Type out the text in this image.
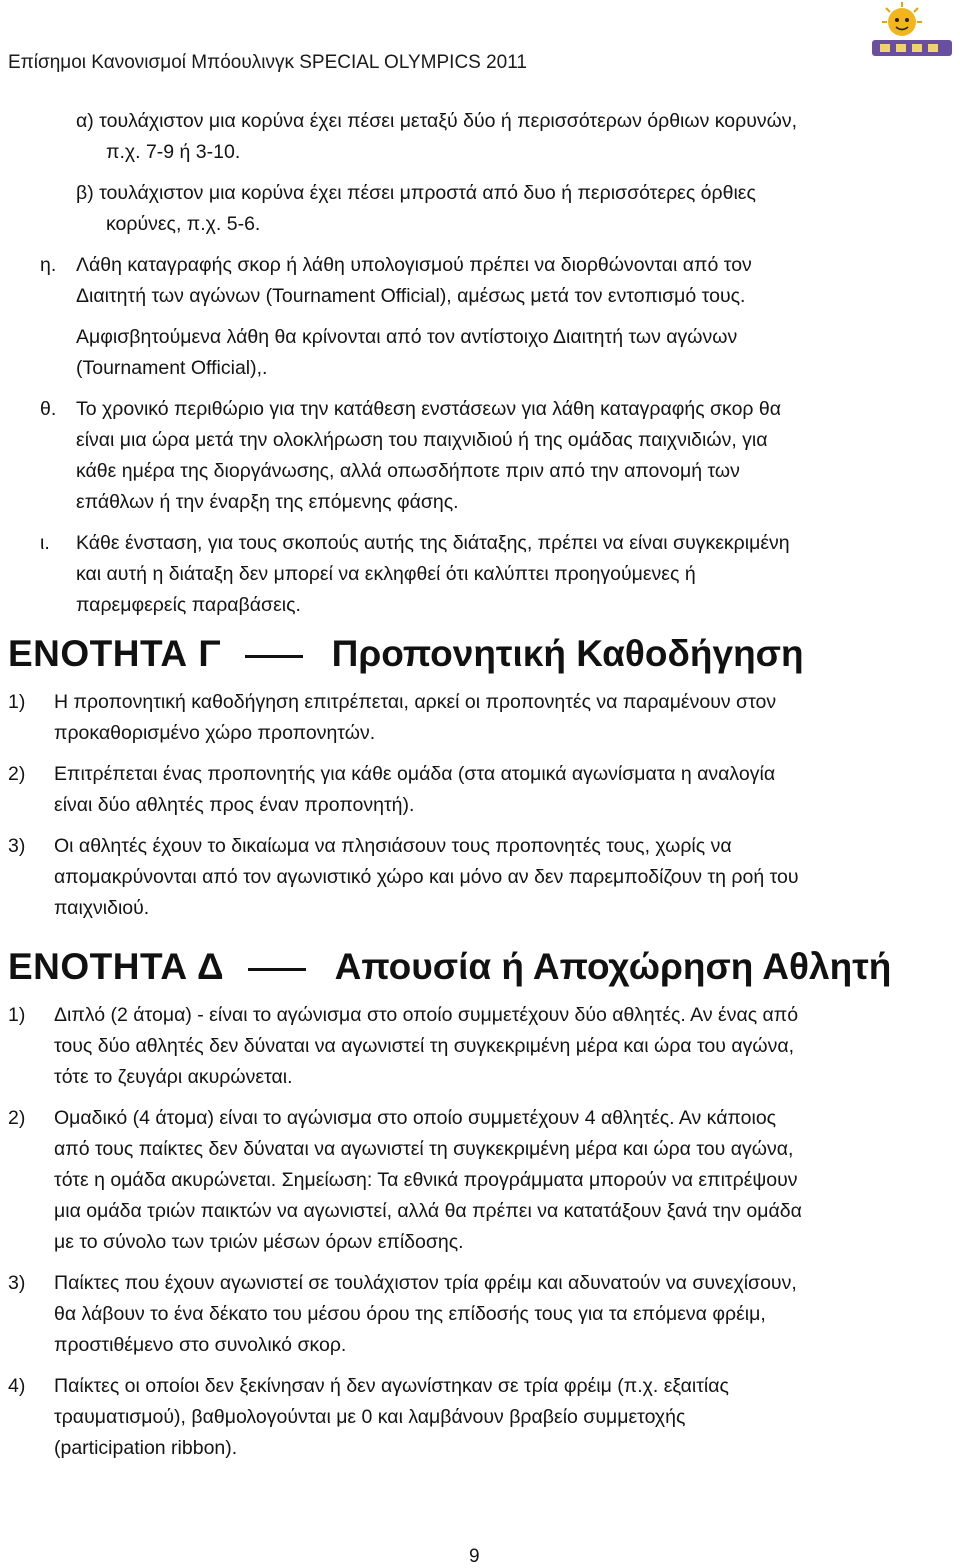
Επίσημοι Κανονισμοί Μπόουλινγκ SPECIAL OLYMPICS 2011
α) τουλάχιστον μια κορύνα έχει πέσει μεταξύ δύο ή περισσότερων όρθιων κορυνών,
π.χ. 7-9 ή 3-10.
β) τουλάχιστον μια κορύνα έχει πέσει μπροστά από δυο ή περισσότερες όρθιες
κορύνες, π.χ. 5-6.
η.	Λάθη καταγραφής σκορ ή λάθη υπολογισμού πρέπει να διορθώνονται από τον
Διαιτητή των αγώνων (Tournament Official), αμέσως μετά τον εντοπισμό τους.
Αμφισβητούμενα λάθη θα κρίνονται από τον αντίστοιχο Διαιτητή των αγώνων
(Tournament Official),.
θ.	Το χρονικό περιθώριο για την κατάθεση ενστάσεων για λάθη καταγραφής σκορ θα
είναι μια ώρα μετά την ολοκλήρωση του παιχνιδιού ή της ομάδας παιχνιδιών, για
κάθε ημέρα της διοργάνωσης, αλλά οπωσδήποτε πριν από την απονομή των
επάθλων ή την έναρξη της επόμενης φάσης.
ι.	Κάθε ένσταση, για τους σκοπούς αυτής της διάταξης, πρέπει να είναι συγκεκριμένη
και αυτή η διάταξη δεν μπορεί να εκληφθεί ότι καλύπτει προηγούμενες ή
παρεμφερείς παραβάσεις.
ΕΝΟΤΗΤΑ Γ	Προπονητική Καθοδήγηση
1)	Η προπονητική καθοδήγηση επιτρέπεται, αρκεί οι προπονητές να παραμένουν στον
προκαθορισμένο χώρο προπονητών.
2)	Επιτρέπεται ένας προπονητής για κάθε ομάδα (στα ατομικά αγωνίσματα η αναλογία
είναι δύο αθλητές προς έναν προπονητή).
3)	Οι αθλητές έχουν το δικαίωμα να πλησιάσουν τους προπονητές τους, χωρίς να
απομακρύνονται από τον αγωνιστικό χώρο και μόνο αν δεν παρεμποδίζουν τη ροή του
παιχνιδιού.
ΕΝΟΤΗΤΑ Δ	Απουσία ή Αποχώρηση Αθλητή
1)	Διπλό (2 άτομα) - είναι το αγώνισμα στο οποίο συμμετέχουν δύο αθλητές. Αν ένας από
τους δύο αθλητές δεν δύναται να αγωνιστεί τη συγκεκριμένη μέρα και ώρα του αγώνα,
τότε το ζευγάρι ακυρώνεται.
2)	Ομαδικό (4 άτομα) είναι το αγώνισμα στο οποίο συμμετέχουν 4 αθλητές. Αν κάποιος
από τους παίκτες δεν δύναται να αγωνιστεί τη συγκεκριμένη μέρα και ώρα του αγώνα,
τότε η ομάδα ακυρώνεται. Σημείωση: Τα εθνικά προγράμματα μπορούν να επιτρέψουν
μια ομάδα τριών παικτών να αγωνιστεί, αλλά θα πρέπει να κατατάξουν ξανά την ομάδα
με το σύνολο των τριών μέσων όρων επίδοσης.
3)	Παίκτες που έχουν αγωνιστεί σε τουλάχιστον τρία φρέιμ και αδυνατούν να συνεχίσουν,
θα λάβουν το ένα δέκατο του μέσου όρου της επίδοσής τους για τα επόμενα φρέιμ,
προστιθέμενο στο συνολικό σκορ.
4)	Παίκτες οι οποίοι δεν ξεκίνησαν ή δεν αγωνίστηκαν σε τρία φρέιμ (π.χ. εξαιτίας
τραυματισμού), βαθμολογούνται με 0 και λαμβάνουν βραβείο συμμετοχής
(participation ribbon).
9
